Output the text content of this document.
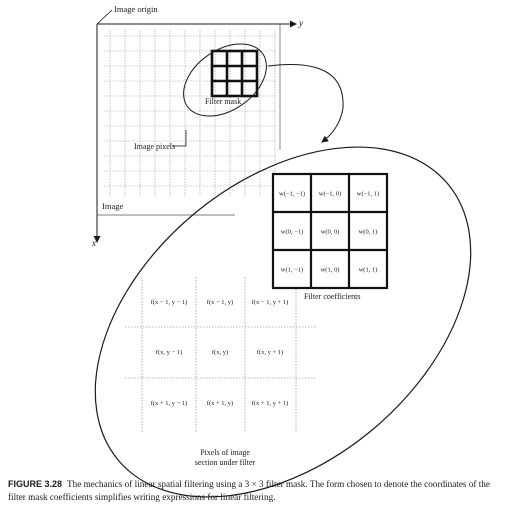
Image origin
y
x
Filter mask
Image pixels
Image
f(x − 1, y − 1)	f(x − 1, y)	f(x − 1, y + 1)
f(x, y − 1)	f(x, y)	f(x, y + 1)
f(x + 1, y − 1)	f(x + 1, y)	f(x + 1, y + 1)
w(−1, −1) w(−1, 0) w(−1, 1)
w(0, −1)	w(0, 0)	w(0, 1)
w(1, −1)	w(1, 0)	w(1, 1)
Filter coefficients
Pixels of image
section under filter
FIGURE 3.28 The mechanics of linear spatial filtering using a 3 × 3 filter mask. The form chosen to denote the coordinates of the filter mask coefficients simplifies writing expressions for linear filtering.
